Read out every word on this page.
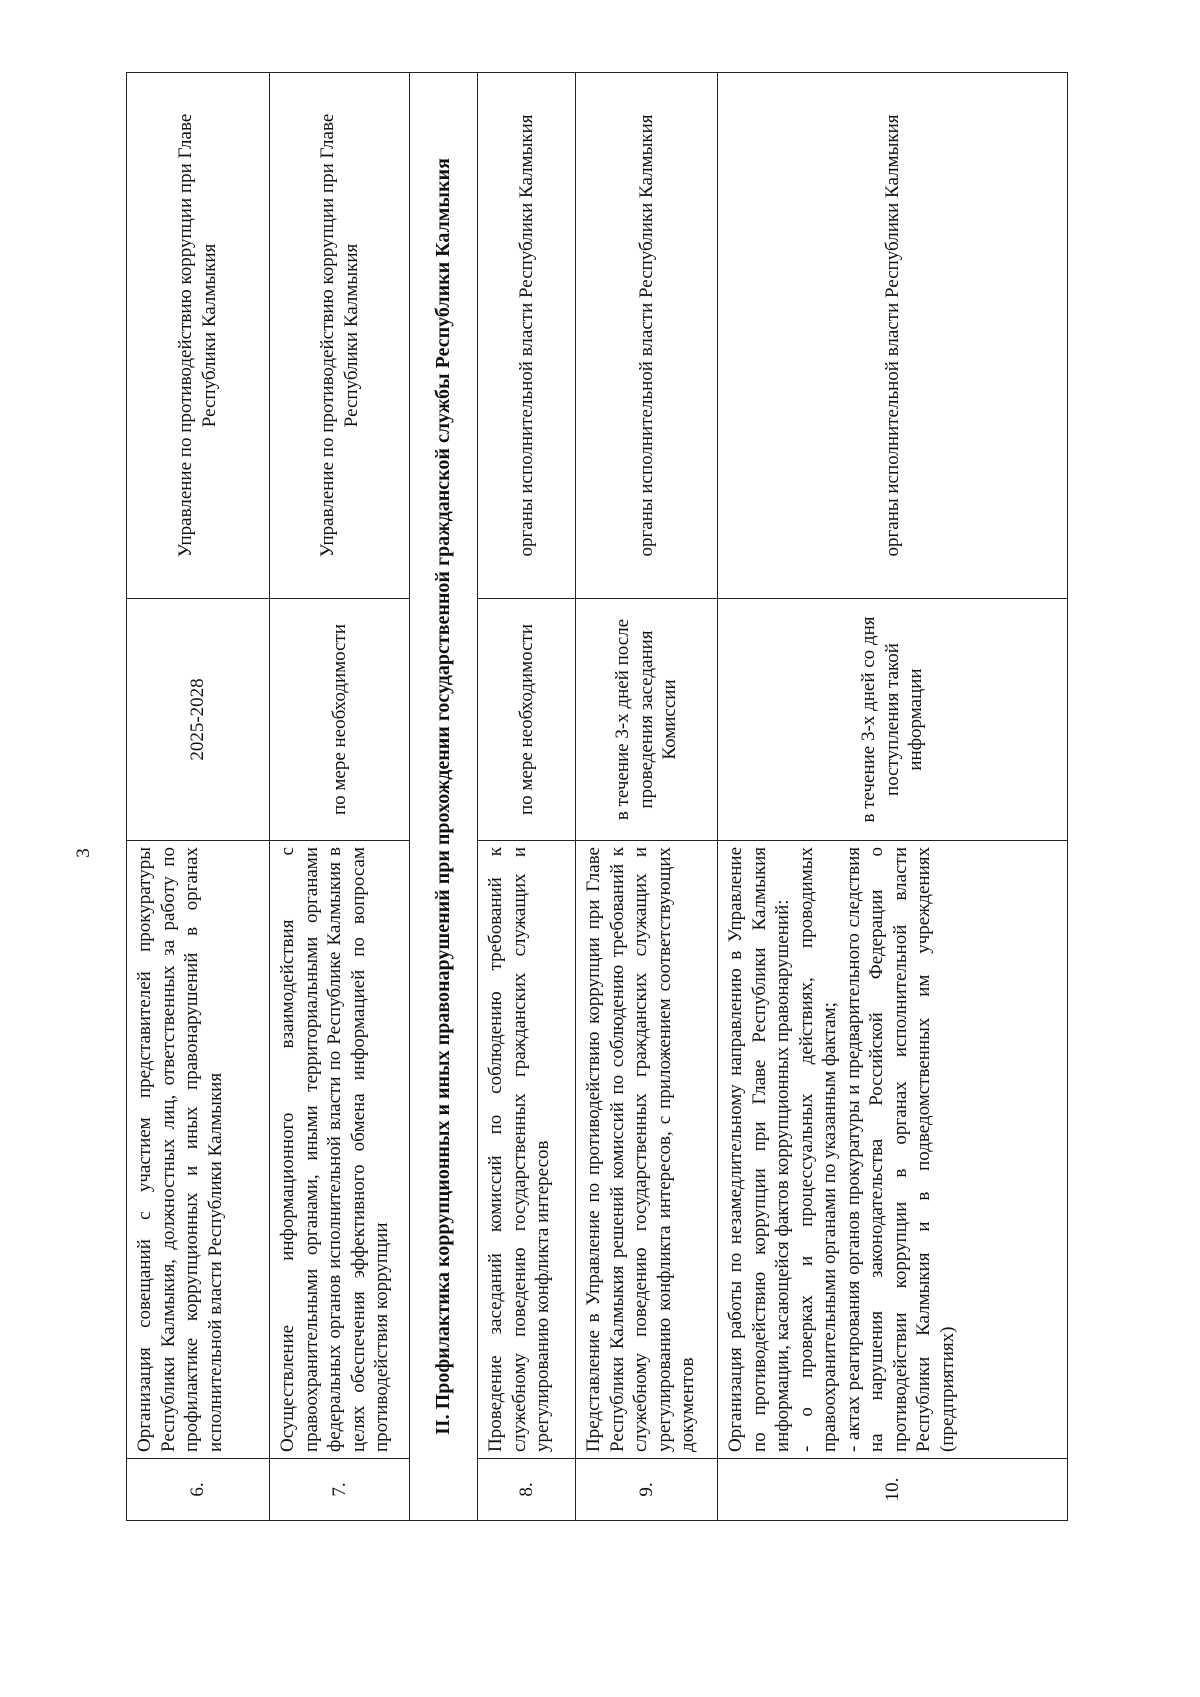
3
6.	Организация совещаний с участием представителей прокуратуры Республики Калмыкия, должностных лиц, ответственных за работу по профилактике коррупционных и иных правонарушений в органах исполнительной власти Республики Калмыкия	2025-2028	Управление по противодействию коррупции при Главе Республики Калмыкия
7.	Осуществление информационного взаимодействия с правоохранительными органами, иными территориальными органами федеральных органов исполнительной власти по Республике Калмыкия в целях обеспечения эффективного обмена информацией по вопросам противодействия коррупции	по мере необходимости	Управление по противодействию коррупции при Главе Республики Калмыкия
II. Профилактика коррупционных и иных правонарушений при прохождении государственной гражданской службы Республики Калмыкия			
8.	Проведение заседаний комиссий по соблюдению требований к служебному поведению государственных гражданских служащих и урегулированию конфликта интересов	по мере необходимости	органы исполнительной власти Республики Калмыкия
9.	Представление в Управление по противодействию коррупции при Главе Республики Калмыкия решений комиссий по соблюдению требований к служебному поведению государственных гражданских служащих и урегулированию конфликта интересов, с приложением соответствующих документов	в течение 3-х дней после проведения заседания Комиссии	органы исполнительной власти Республики Калмыкия
10.	Организация работы по незамедлительному направлению в Управление по противодействию коррупции при Главе Республики Калмыкия информации, касающейся фактов коррупционных правонарушений: - о проверках и процессуальных действиях, проводимых правоохранительными органами по указанным фактам; - актах реагирования органов прокуратуры и предварительного следствия на нарушения законодательства Российской Федерации о противодействии коррупции в органах исполнительной власти Республики Калмыкия и в подведомственных им учреждениях (предприятиях)	в течение 3-х дней со дня поступления такой информации	органы исполнительной власти Республики Калмыкия
